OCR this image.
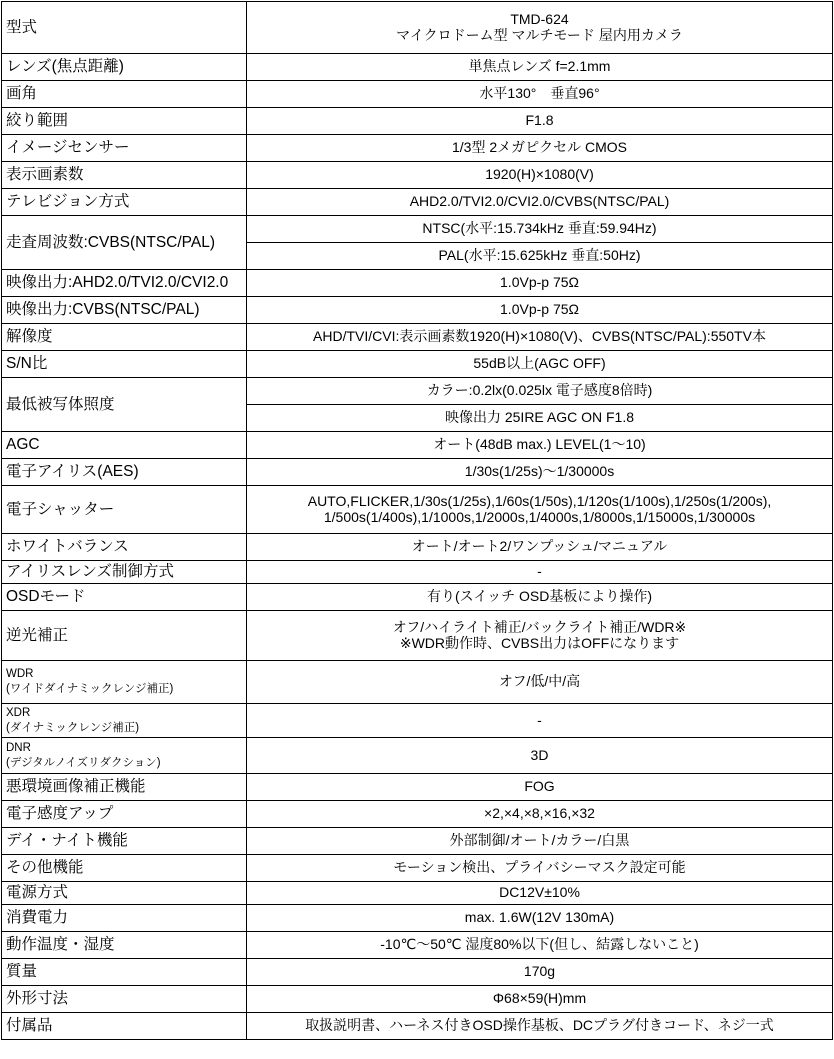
型式	TMD-624
マイクロドーム型 マルチモード 屋内用カメラ

レンズ(焦点距離)	単焦点レンズ f=2.1mm

画角	水平130°　垂直96°

絞り範囲	F1.8

イメージセンサー	1/3型 2メガピクセル CMOS

表示画素数	1920(H)×1080(V)

テレビジョン方式	AHD2.0/TVI2.0/CVI2.0/CVBS(NTSC/PAL)

走査周波数:CVBS(NTSC/PAL)	NTSC(水平:15.734kHz 垂直:59.94Hz)

	PAL(水平:15.625kHz 垂直:50Hz)

映像出力:AHD2.0/TVI2.0/CVI2.0	1.0Vp-p 75Ω

映像出力:CVBS(NTSC/PAL)	1.0Vp-p 75Ω

解像度	AHD/TVI/CVI:表示画素数1920(H)×1080(V)、CVBS(NTSC/PAL):550TV本

S/N比	55dB以上(AGC OFF)

最低被写体照度	カラー:0.2lx(0.025lx 電子感度8倍時)

	映像出力 25IRE AGC ON F1.8

AGC	オート(48dB max.) LEVEL(1〜10)

電子アイリス(AES)	1/30s(1/25s)〜1/30000s

電子シャッター	AUTO,FLICKER,1/30s(1/25s),1/60s(1/50s),1/120s(1/100s),1/250s(1/200s),
1/500s(1/400s),1/1000s,1/2000s,1/4000s,1/8000s,1/15000s,1/30000s

ホワイトバランス	オート/オート2/ワンプッシュ/マニュアル

アイリスレンズ制御方式	-

OSDモード	有り(スイッチ OSD基板により操作)

逆光補正	オフ/ハイライト補正/バックライト補正/WDR※
※WDR動作時、CVBS出力はOFFになります

WDR
(ワイドダイナミックレンジ補正)	オフ/低/中/高

XDR
(ダイナミックレンジ補正)	-

DNR
(デジタルノイズリダクション)	3D

悪環境画像補正機能	FOG

電子感度アップ	×2,×4,×8,×16,×32

デイ・ナイト機能	外部制御/オート/カラー/白黒

その他機能	モーション検出、プライバシーマスク設定可能

電源方式	DC12V±10%

消費電力	max. 1.6W(12V 130mA)

動作温度・湿度	-10℃〜50℃ 湿度80%以下(但し、結露しないこと)

質量	170g

外形寸法	Φ68×59(H)mm

付属品	取扱説明書、ハーネス付きOSD操作基板、DCプラグ付きコード、ネジ一式
